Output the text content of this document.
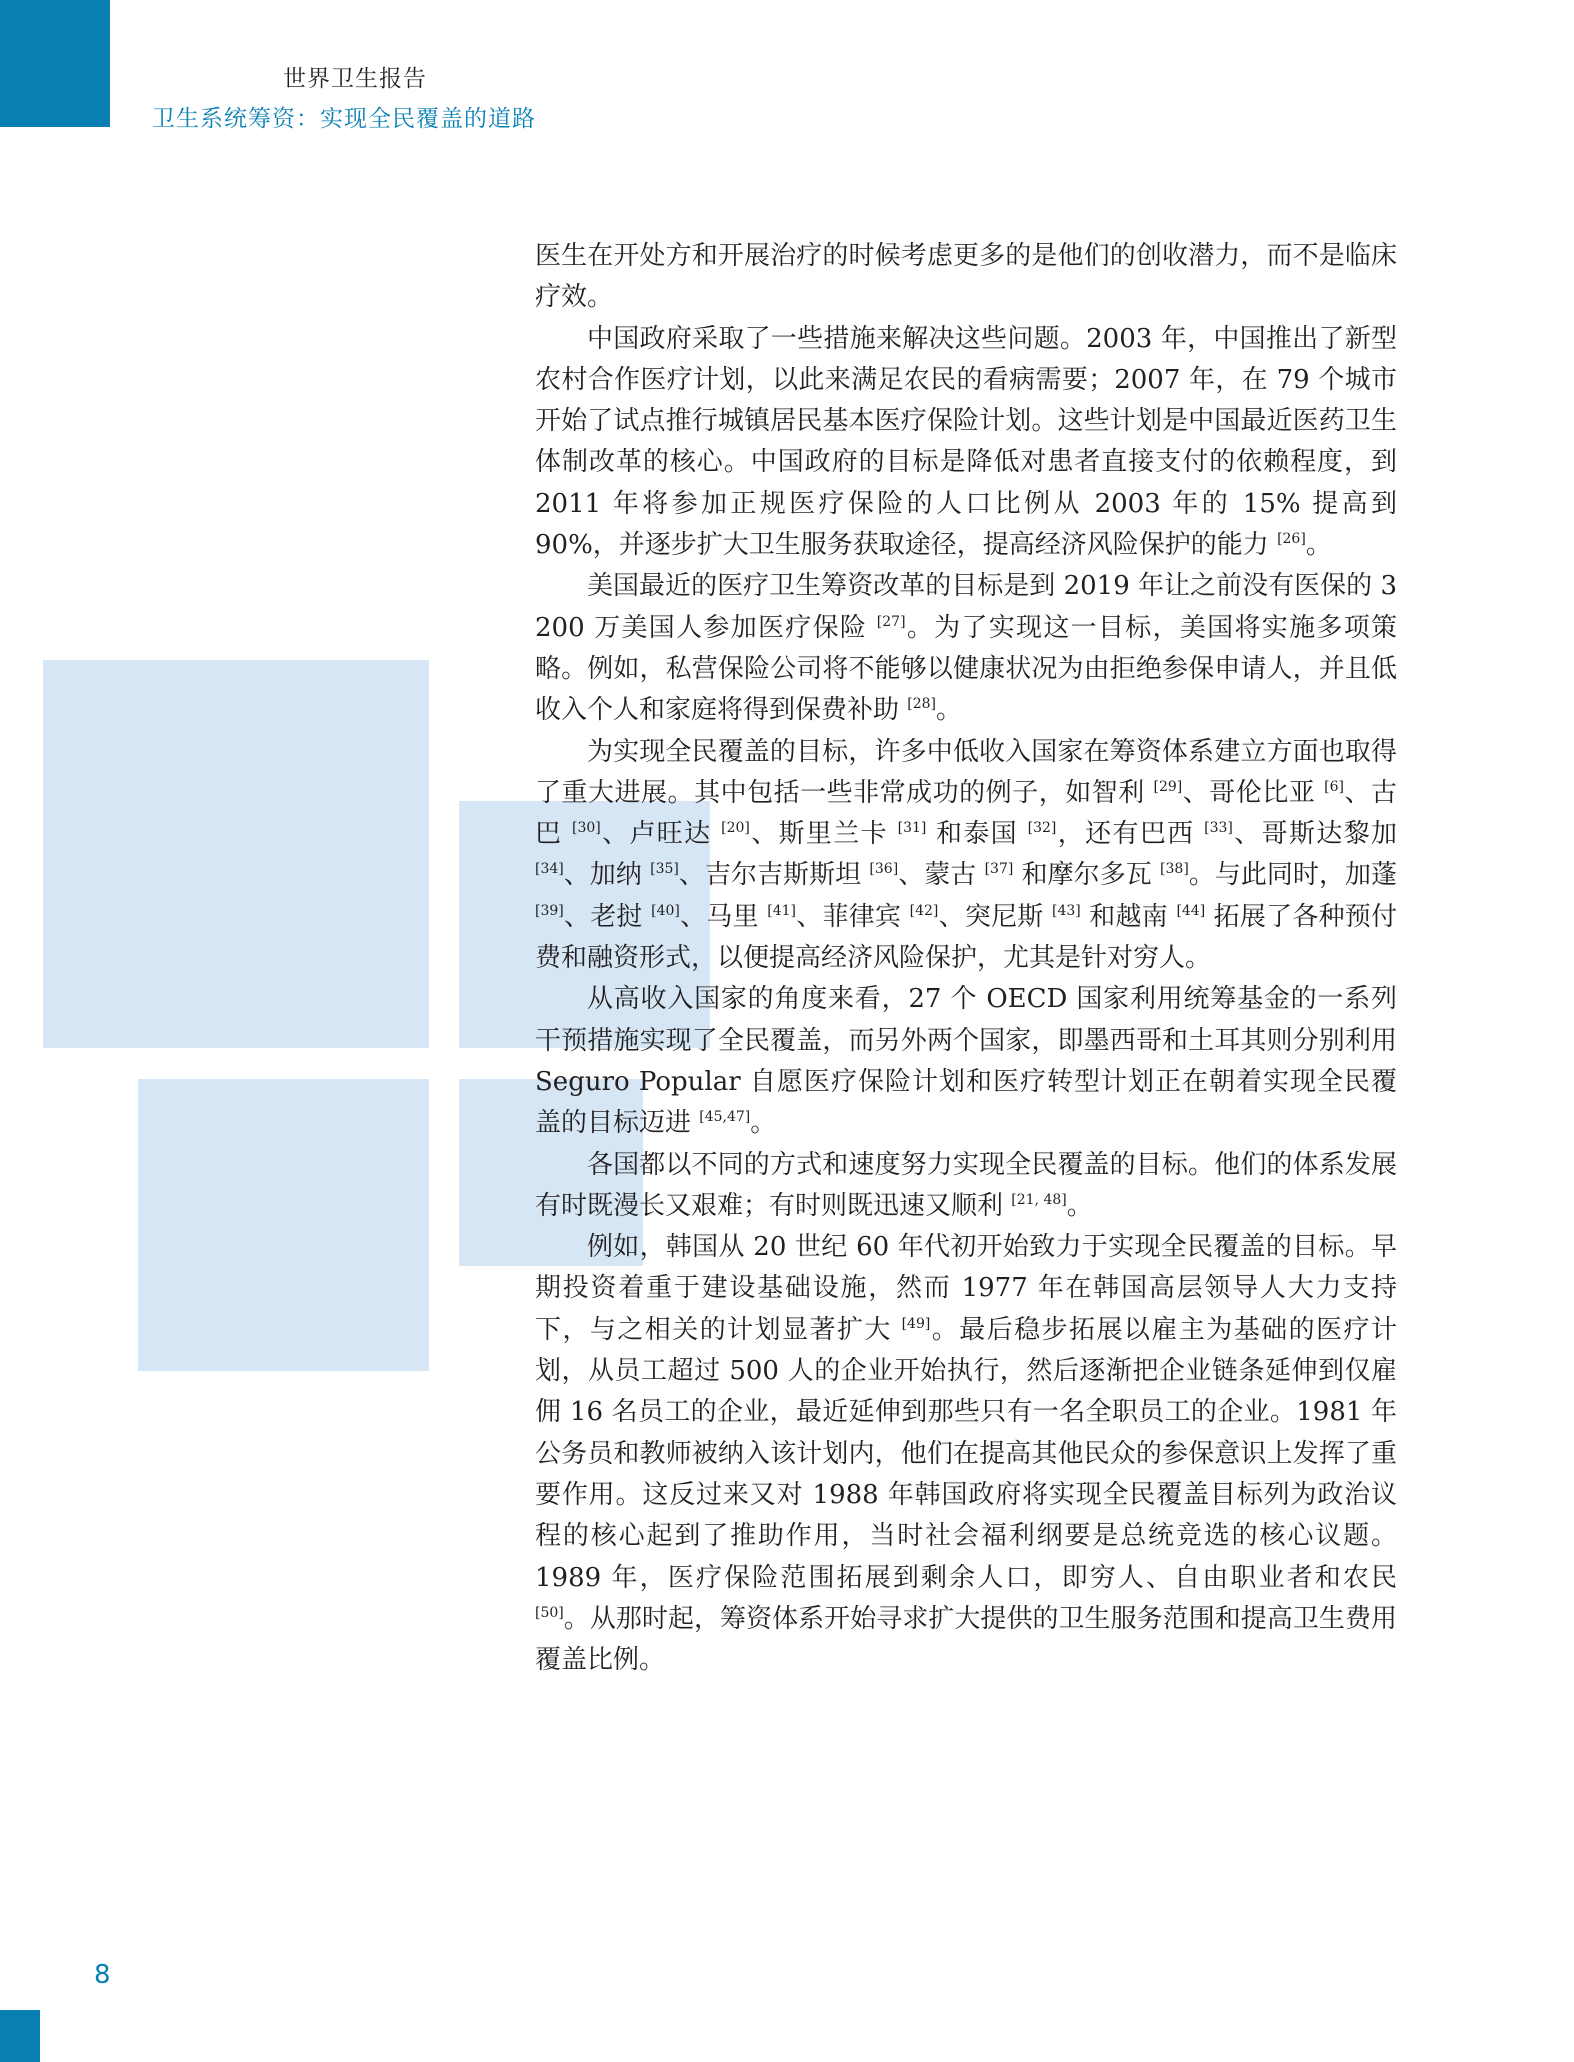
世界卫生报告
卫生系统筹资：实现全民覆盖的道路

医生在开处方和开展治疗的时候考虑更多的是他们的创收潜力，而不是临床疗效。

中国政府采取了一些措施来解决这些问题。2003 年，中国推出了新型农村合作医疗计划，以此来满足农民的看病需要；2007 年，在 79 个城市开始了试点推行城镇居民基本医疗保险计划。这些计划是中国最近医药卫生体制改革的核心。中国政府的目标是降低对患者直接支付的依赖程度，到 2011 年将参加正规医疗保险的人口比例从 2003 年的 15% 提高到 90%，并逐步扩大卫生服务获取途径，提高经济风险保护的能力 [26]。

美国最近的医疗卫生筹资改革的目标是到 2019 年让之前没有医保的 3 200 万美国人参加医疗保险 [27]。为了实现这一目标，美国将实施多项策略。例如，私营保险公司将不能够以健康状况为由拒绝参保申请人，并且低收入个人和家庭将得到保费补助 [28]。

为实现全民覆盖的目标，许多中低收入国家在筹资体系建立方面也取得了重大进展。其中包括一些非常成功的例子，如智利 [29]、哥伦比亚 [6]、古巴 [30]、卢旺达 [20]、斯里兰卡 [31] 和泰国 [32]，还有巴西 [33]、哥斯达黎加 [34]、加纳 [35]、吉尔吉斯斯坦 [36]、蒙古 [37] 和摩尔多瓦 [38]。与此同时，加蓬 [39]、老挝 [40]、马里 [41]、菲律宾 [42]、突尼斯 [43] 和越南 [44] 拓展了各种预付费和融资形式，以便提高经济风险保护，尤其是针对穷人。

从高收入国家的角度来看，27 个 OECD 国家利用统筹基金的一系列干预措施实现了全民覆盖，而另外两个国家，即墨西哥和土耳其则分别利用 Seguro Popular 自愿医疗保险计划和医疗转型计划正在朝着实现全民覆盖的目标迈进 [45,47]。

各国都以不同的方式和速度努力实现全民覆盖的目标。他们的体系发展有时既漫长又艰难；有时则既迅速又顺利 [21, 48]。

例如，韩国从 20 世纪 60 年代初开始致力于实现全民覆盖的目标。早期投资着重于建设基础设施，然而 1977 年在韩国高层领导人大力支持下，与之相关的计划显著扩大 [49]。最后稳步拓展以雇主为基础的医疗计划，从员工超过 500 人的企业开始执行，然后逐渐把企业链条延伸到仅雇佣 16 名员工的企业，最近延伸到那些只有一名全职员工的企业。1981 年公务员和教师被纳入该计划内，他们在提高其他民众的参保意识上发挥了重要作用。这反过来又对 1988 年韩国政府将实现全民覆盖目标列为政治议程的核心起到了推助作用，当时社会福利纲要是总统竞选的核心议题。1989 年，医疗保险范围拓展到剩余人口，即穷人、自由职业者和农民 [50]。从那时起，筹资体系开始寻求扩大提供的卫生服务范围和提高卫生费用覆盖比例。

8
